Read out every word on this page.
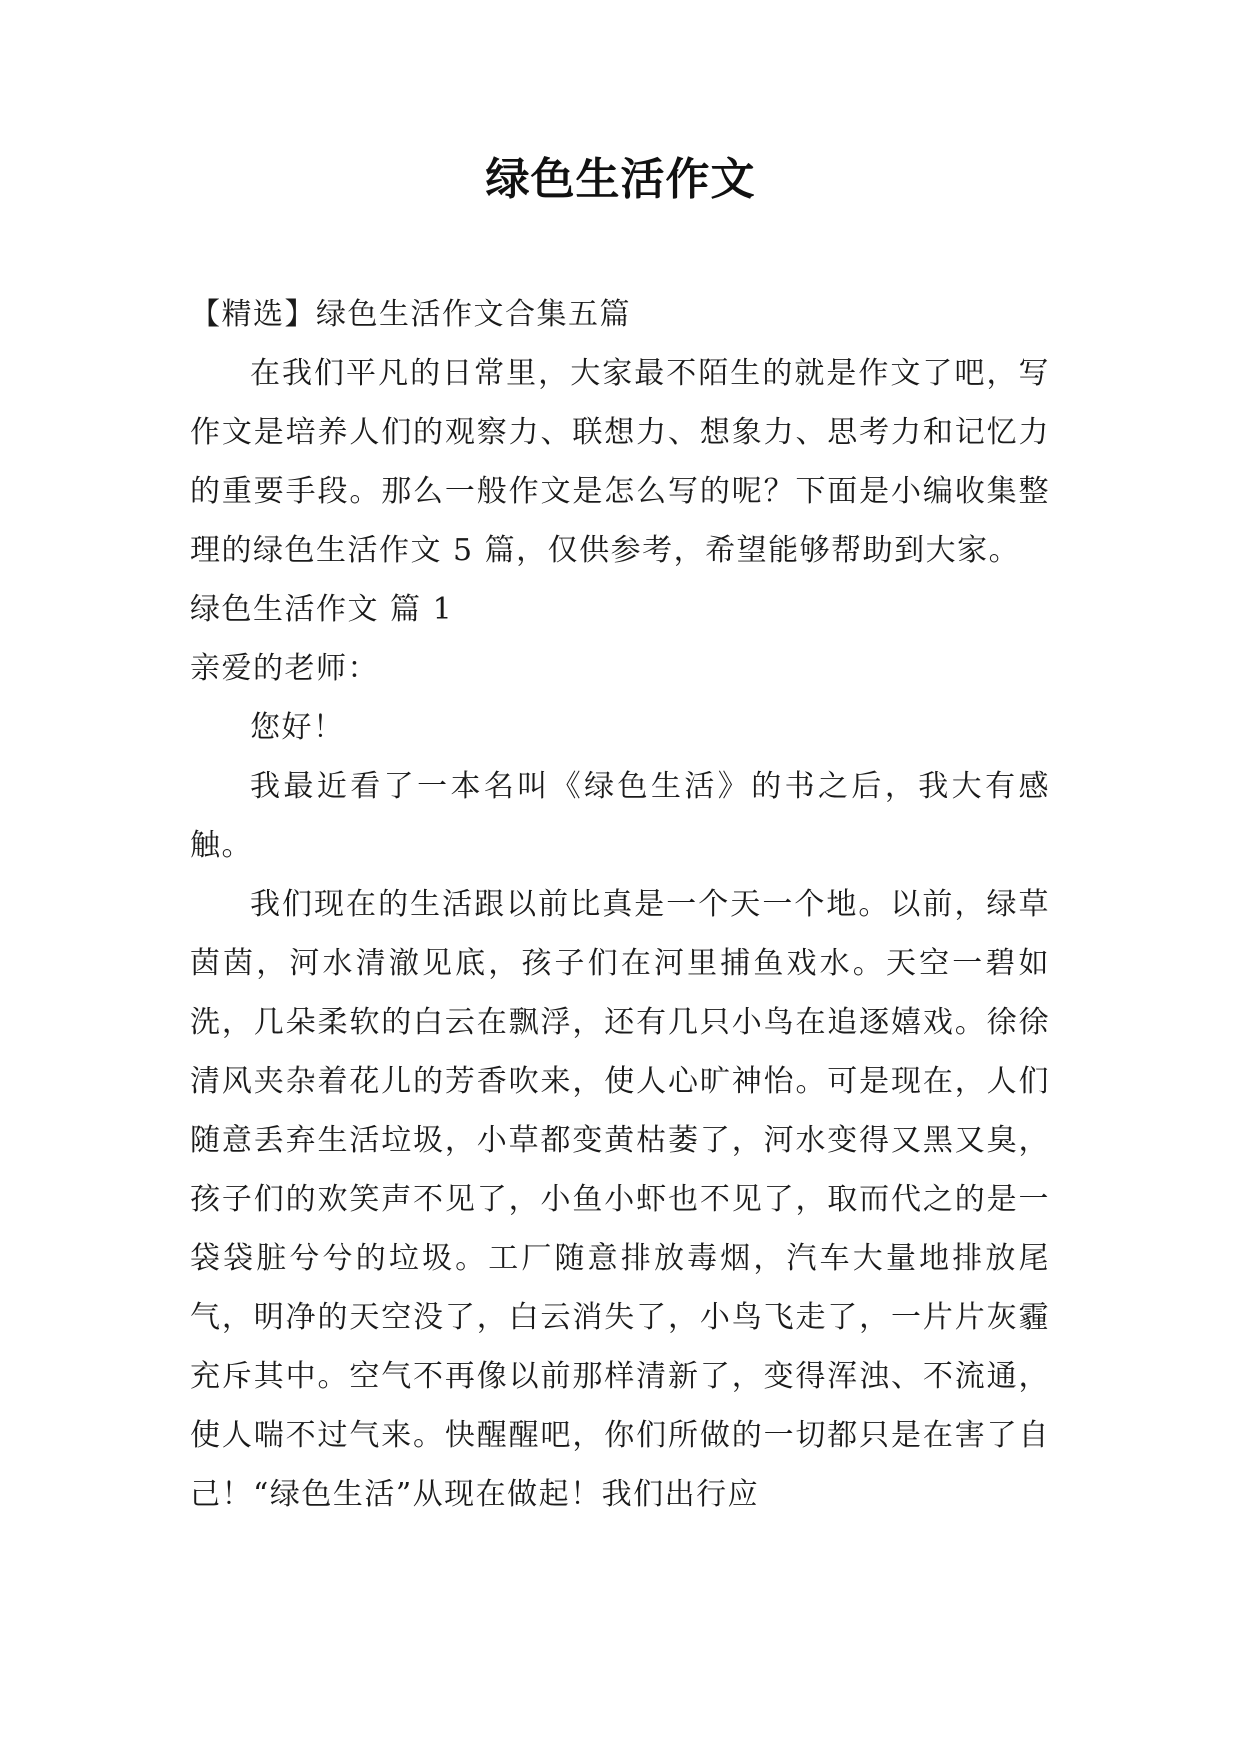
绿色生活作文

【精选】绿色生活作文合集五篇

在我们平凡的日常里，大家最不陌生的就是作文了吧，写作文是培养人们的观察力、联想力、想象力、思考力和记忆力的重要手段。那么一般作文是怎么写的呢？下面是小编收集整理的绿色生活作文 5 篇，仅供参考，希望能够帮助到大家。

绿色生活作文 篇 1

亲爱的老师：

您好！

我最近看了一本名叫《绿色生活》的书之后，我大有感触。

我们现在的生活跟以前比真是一个天一个地。以前，绿草茵茵，河水清澈见底，孩子们在河里捕鱼戏水。天空一碧如洗，几朵柔软的白云在飘浮，还有几只小鸟在追逐嬉戏。徐徐清风夹杂着花儿的芳香吹来，使人心旷神怡。可是现在，人们随意丢弃生活垃圾，小草都变黄枯萎了，河水变得又黑又臭，孩子们的欢笑声不见了，小鱼小虾也不见了，取而代之的是一袋袋脏兮兮的垃圾。工厂随意排放毒烟，汽车大量地排放尾气，明净的天空没了，白云消失了，小鸟飞走了，一片片灰霾充斥其中。空气不再像以前那样清新了，变得浑浊、不流通，使人喘不过气来。快醒醒吧，你们所做的一切都只是在害了自己！“绿色生活”从现在做起！我们出行应
